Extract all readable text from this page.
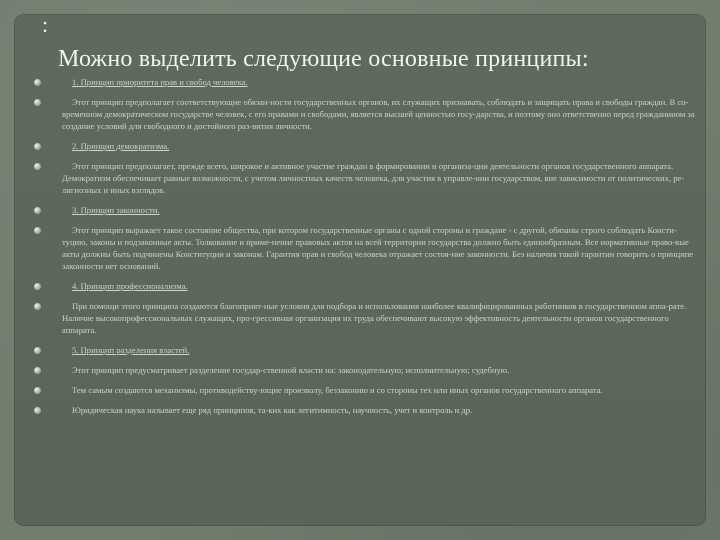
:
Можно выделить следующие основные принципы:
1. Принцип приоритета прав и свобод человека.
Этот принцип предполагает соответствующие обязан-ности государственных органов, их служащих признавать, соблюдать и защищать права и свободы граждан. В со-временном демократическом государстве человек, с его правами и свободами, является высшей ценностью госу-дарства, и поэтому оно ответственно перед гражданином за создание условий для свободного и достойного раз-вития личности.
2. Принцип демократизма.
Этот принцип предполагает, прежде всего, широкое и активное участие граждан в формировании и организа-ции деятельности органов государственного аппарата. Демократизм обеспечивает равные возможности, с учетом личностных качеств человека, для участия в управле-нии государством, вне зависимости от политических, ре-лигиозных и иных взглядов.
3. Принцип законности.
Этот принцип выражает такое состояние общества, при котором государственные органы с одной стороны и граждане - с другой, обязаны строго соблюдать Консти-туцию, законы и подзаконные акты. Толкование и приме-нение правовых актов на всей территории государства должно быть единообразным. Все нормативные право-вые акты должны быть подчинены Конституции и законам. Гарантия прав и свобод человека отражает состоя-ние законности. Без наличия такой гарантии говорить о принципе законности нет оснований.
4. Принцип профессионализма.
При помощи этого принципа создаются благоприят-ные условия для подбора и использования наиболее квалифицированных работников в государственном аппа-рате. Наличие высокопрофессиональных служащих, про-грессивная организация их труда обеспечивают высокую эффективность деятельности органов государственного аппарата.
5. Принцип разделения властей.
Этот принцип предусматривает разделение государ-ственной власти на: законодательную; исполнительную; судебную.
Тем самым создаются механизмы, противодейству-ющие произволу, беззаконию и со стороны тех или иных органов государственного аппарата.
Юридическая наука называет еще ряд принципов, та-ких как легитимность, научность, учет и контроль и др.
